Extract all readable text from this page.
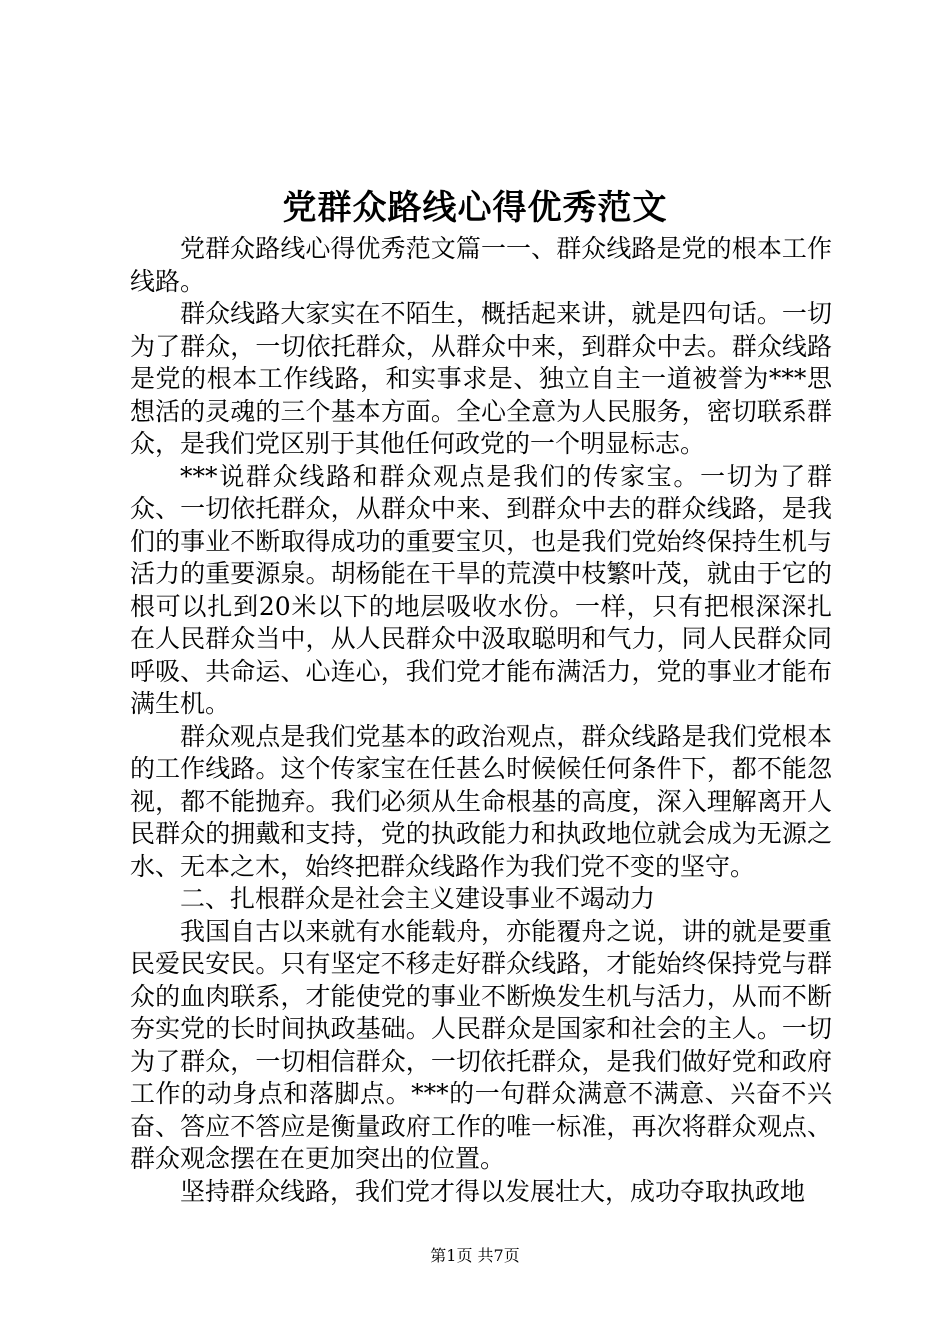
党群众路线心得优秀范文

党群众路线心得优秀范文篇一一、群众线路是党的根本工作线路。

群众线路大家实在不陌生，概括起来讲，就是四句话。一切为了群众，一切依托群众，从群众中来，到群众中去。群众线路是党的根本工作线路，和实事求是、独立自主一道被誉为***思想活的灵魂的三个基本方面。全心全意为人民服务，密切联系群众，是我们党区别于其他任何政党的一个明显标志。

***说群众线路和群众观点是我们的传家宝。一切为了群众、一切依托群众，从群众中来、到群众中去的群众线路，是我们的事业不断取得成功的重要宝贝，也是我们党始终保持生机与活力的重要源泉。胡杨能在干旱的荒漠中枝繁叶茂，就由于它的根可以扎到20米以下的地层吸收水份。一样，只有把根深深扎在人民群众当中，从人民群众中汲取聪明和气力，同人民群众同呼吸、共命运、心连心，我们党才能布满活力，党的事业才能布满生机。

群众观点是我们党基本的政治观点，群众线路是我们党根本的工作线路。这个传家宝在任甚么时候候任何条件下，都不能忽视，都不能抛弃。我们必须从生命根基的高度，深入理解离开人民群众的拥戴和支持，党的执政能力和执政地位就会成为无源之水、无本之木，始终把群众线路作为我们党不变的坚守。

二、扎根群众是社会主义建设事业不竭动力

我国自古以来就有水能载舟，亦能覆舟之说，讲的就是要重民爱民安民。只有坚定不移走好群众线路，才能始终保持党与群众的血肉联系，才能使党的事业不断焕发生机与活力，从而不断夯实党的长时间执政基础。人民群众是国家和社会的主人。一切为了群众，一切相信群众，一切依托群众，是我们做好党和政府工作的动身点和落脚点。***的一句群众满意不满意、兴奋不兴奋、答应不答应是衡量政府工作的唯一标准，再次将群众观点、群众观念摆在在更加突出的位置。

坚持群众线路，我们党才得以发展壮大，成功夺取执政地

第1页 共7页
